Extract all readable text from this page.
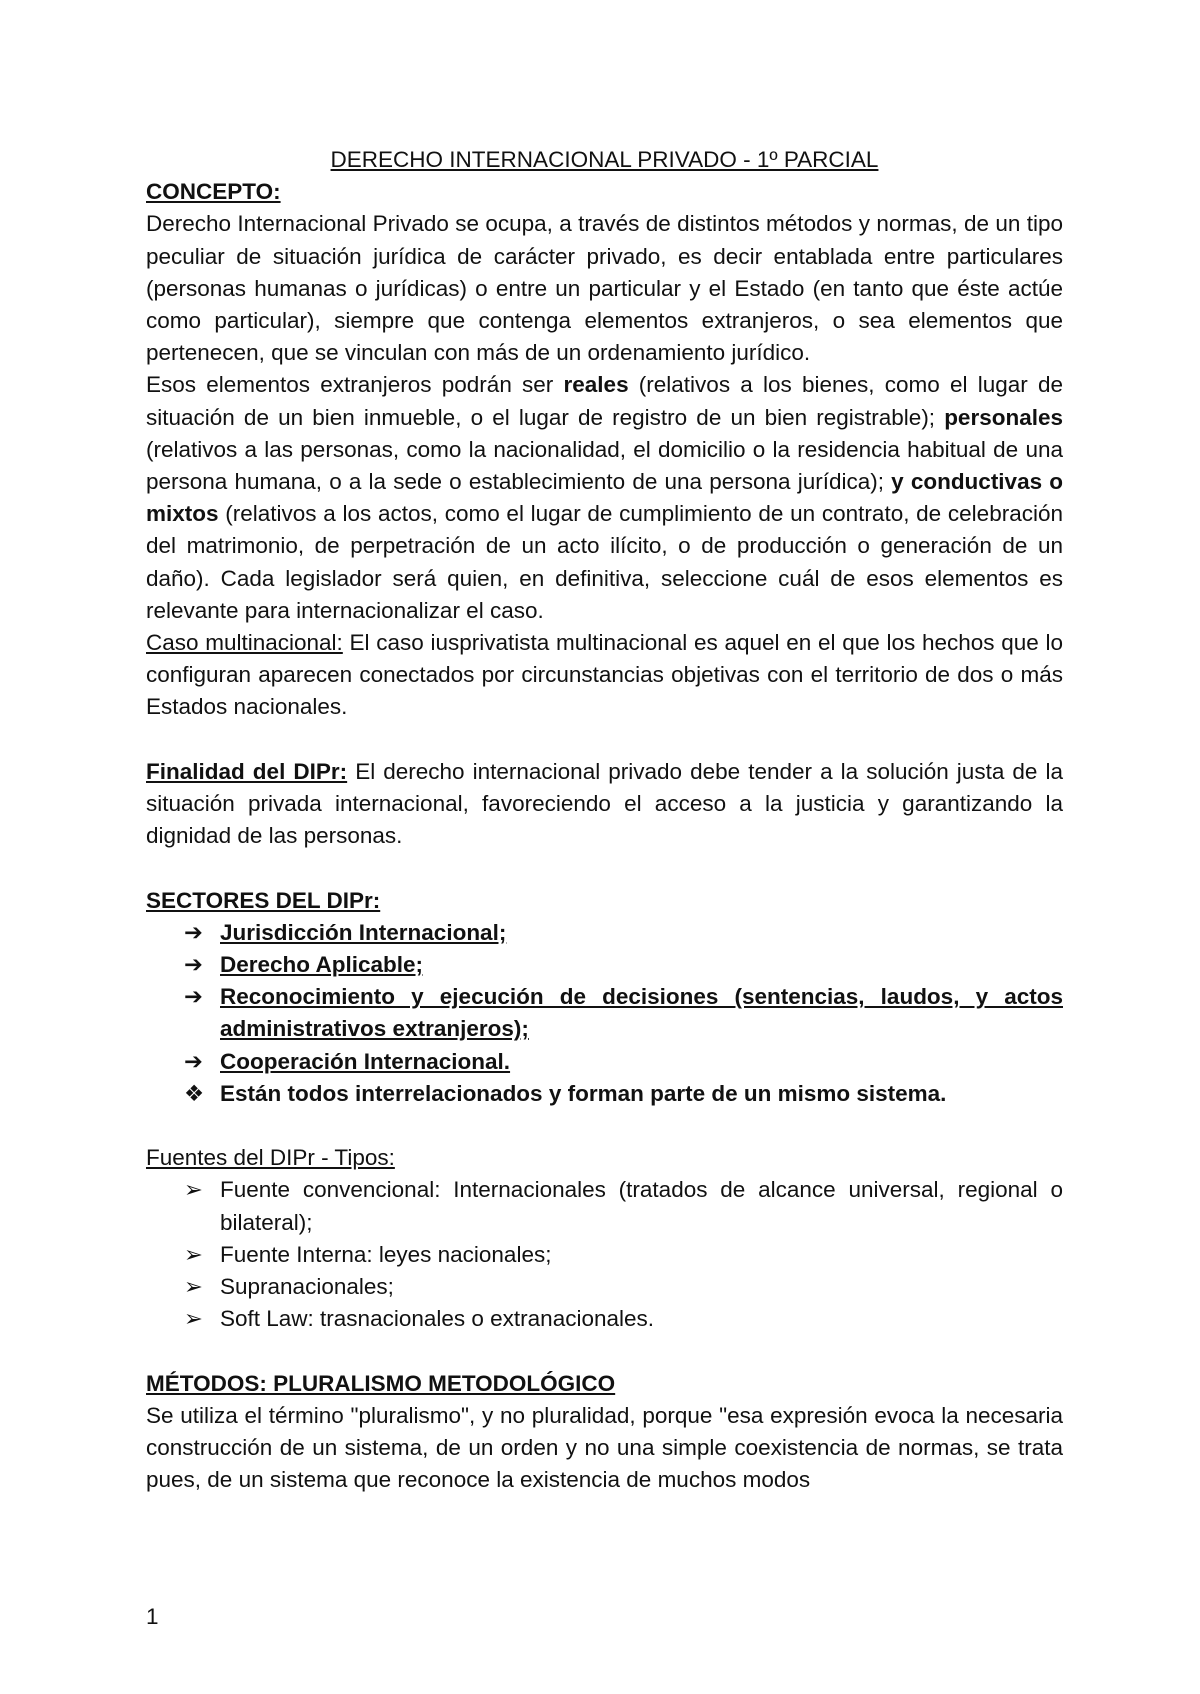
DERECHO INTERNACIONAL PRIVADO - 1º PARCIAL
CONCEPTO:

Derecho Internacional Privado se ocupa, a través de distintos métodos y normas, de un tipo peculiar de situación jurídica de carácter privado, es decir entablada entre particulares (personas humanas o jurídicas) o entre un particular y el Estado (en tanto que éste actúe como particular), siempre que contenga elementos extranjeros, o sea elementos que pertenecen, que se vinculan con más de un ordenamiento jurídico.

Esos elementos extranjeros podrán ser reales (relativos a los bienes, como el lugar de situación de un bien inmueble, o el lugar de registro de un bien registrable); personales (relativos a las personas, como la nacionalidad, el domicilio o la residencia habitual de una persona humana, o a la sede o establecimiento de una persona jurídica); y conductivas o mixtos (relativos a los actos, como el lugar de cumplimiento de un contrato, de celebración del matrimonio, de perpetración de un acto ilícito, o de producción o generación de un daño). Cada legislador será quien, en definitiva, seleccione cuál de esos elementos es relevante para internacionalizar el caso.

Caso multinacional: El caso iusprivatista multinacional es aquel en el que los hechos que lo configuran aparecen conectados por circunstancias objetivas con el territorio de dos o más Estados nacionales.

Finalidad del DIPr: El derecho internacional privado debe tender a la solución justa de la situación privada internacional, favoreciendo el acceso a la justicia y garantizando la dignidad de las personas.

SECTORES DEL DIPr:
➔ Jurisdicción Internacional;
➔ Derecho Aplicable;
➔ Reconocimiento y ejecución de decisiones (sentencias, laudos, y actos administrativos extranjeros);
➔ Cooperación Internacional.
❖ Están todos interrelacionados y forman parte de un mismo sistema.
Fuentes del DIPr - Tipos:
➢ Fuente convencional: Internacionales (tratados de alcance universal, regional o bilateral);
➢ Fuente Interna: leyes nacionales;
➢ Supranacionales;
➢ Soft Law: trasnacionales o extranacionales.
MÉTODOS: PLURALISMO METODOLÓGICO

Se utiliza el término "pluralismo", y no pluralidad, porque "esa expresión evoca la necesaria construcción de un sistema, de un orden y no una simple coexistencia de normas, se trata pues, de un sistema que reconoce la existencia de muchos modos

1
